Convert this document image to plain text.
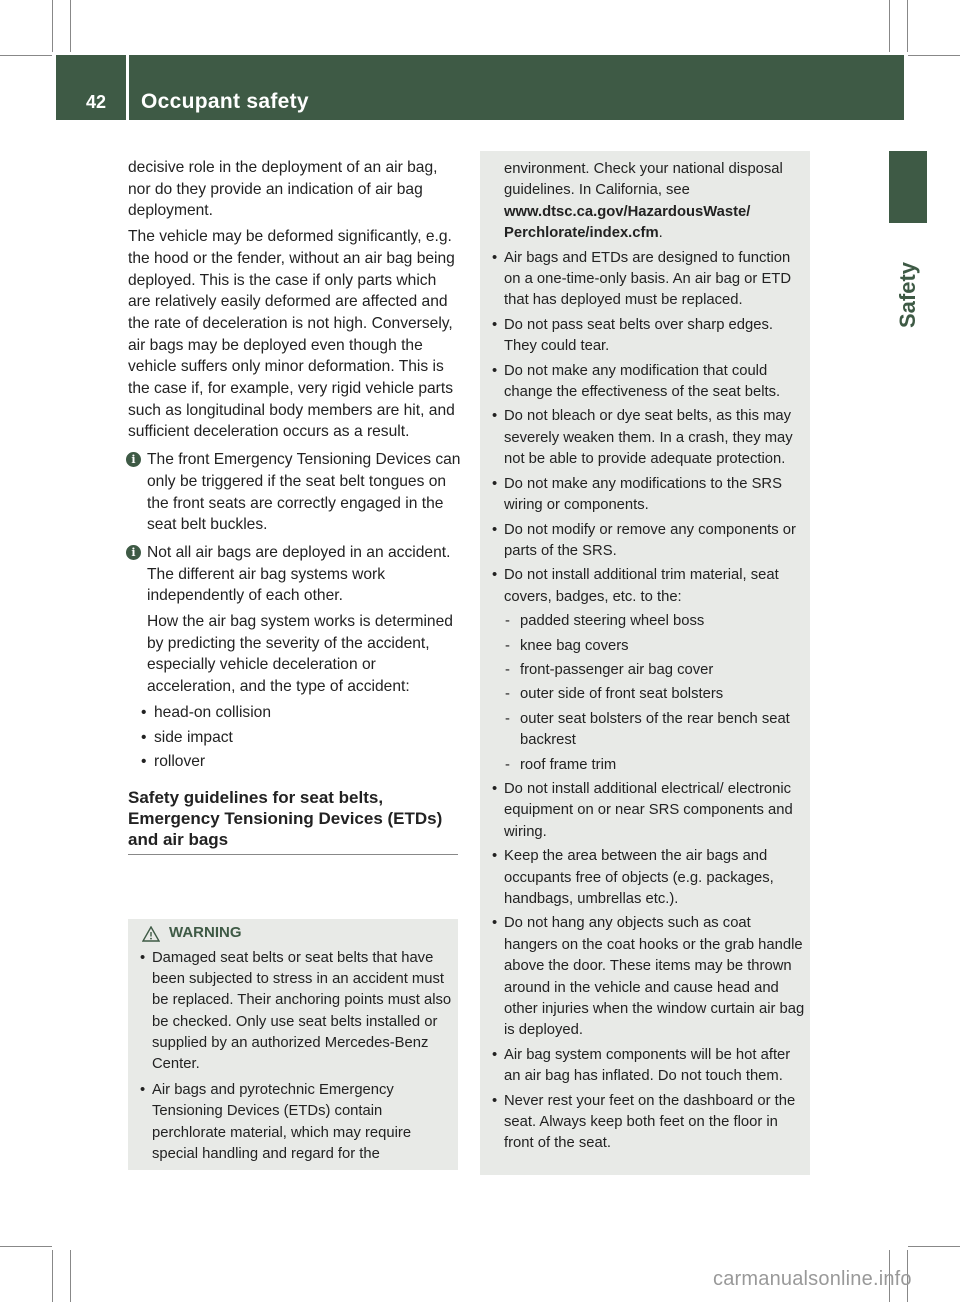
42 Occupant safety
Safety

decisive role in the deployment of an air bag, nor do they provide an indication of air bag deployment.

The vehicle may be deformed significantly, e.g. the hood or the fender, without an air bag being deployed. This is the case if only parts which are relatively easily deformed are affected and the rate of deceleration is not high. Conversely, air bags may be deployed even though the vehicle suffers only minor deformation. This is the case if, for example, very rigid vehicle parts such as longitudinal body members are hit, and sufficient deceleration occurs as a result.

i The front Emergency Tensioning Devices can only be triggered if the seat belt tongues on the front seats are correctly engaged in the seat belt buckles.

i Not all air bags are deployed in an accident. The different air bag systems work independently of each other.

How the air bag system works is determined by predicting the severity of the accident, especially vehicle deceleration or acceleration, and the type of accident:

• head-on collision
• side impact
• rollover
Safety guidelines for seat belts, Emergency Tensioning Devices (ETDs) and air bags
WARNING
• Damaged seat belts or seat belts that have been subjected to stress in an accident must be replaced. Their anchoring points must also be checked. Only use seat belts installed or supplied by an authorized Mercedes-Benz Center.
• Air bags and pyrotechnic Emergency Tensioning Devices (ETDs) contain perchlorate material, which may require special handling and regard for the
environment. Check your national disposal guidelines. In California, see www.dtsc.ca.gov/HazardousWaste/ Perchlorate/index.cfm.
• Air bags and ETDs are designed to function on a one-time-only basis. An air bag or ETD that has deployed must be replaced.
• Do not pass seat belts over sharp edges. They could tear.
• Do not make any modification that could change the effectiveness of the seat belts.
• Do not bleach or dye seat belts, as this may severely weaken them. In a crash, they may not be able to provide adequate protection.
• Do not make any modifications to the SRS wiring or components.
• Do not modify or remove any components or parts of the SRS.
• Do not install additional trim material, seat covers, badges, etc. to the:
- padded steering wheel boss
- knee bag covers
- front-passenger air bag cover
- outer side of front seat bolsters
- outer seat bolsters of the rear bench seat backrest
- roof frame trim
• Do not install additional electrical/ electronic equipment on or near SRS components and wiring.
• Keep the area between the air bags and occupants free of objects (e.g. packages, handbags, umbrellas etc.).
• Do not hang any objects such as coat hangers on the coat hooks or the grab handle above the door. These items may be thrown around in the vehicle and cause head and other injuries when the window curtain air bag is deployed.
• Air bag system components will be hot after an air bag has inflated. Do not touch them.
• Never rest your feet on the dashboard or the seat. Always keep both feet on the floor in front of the seat.
carmanualsonline.info
